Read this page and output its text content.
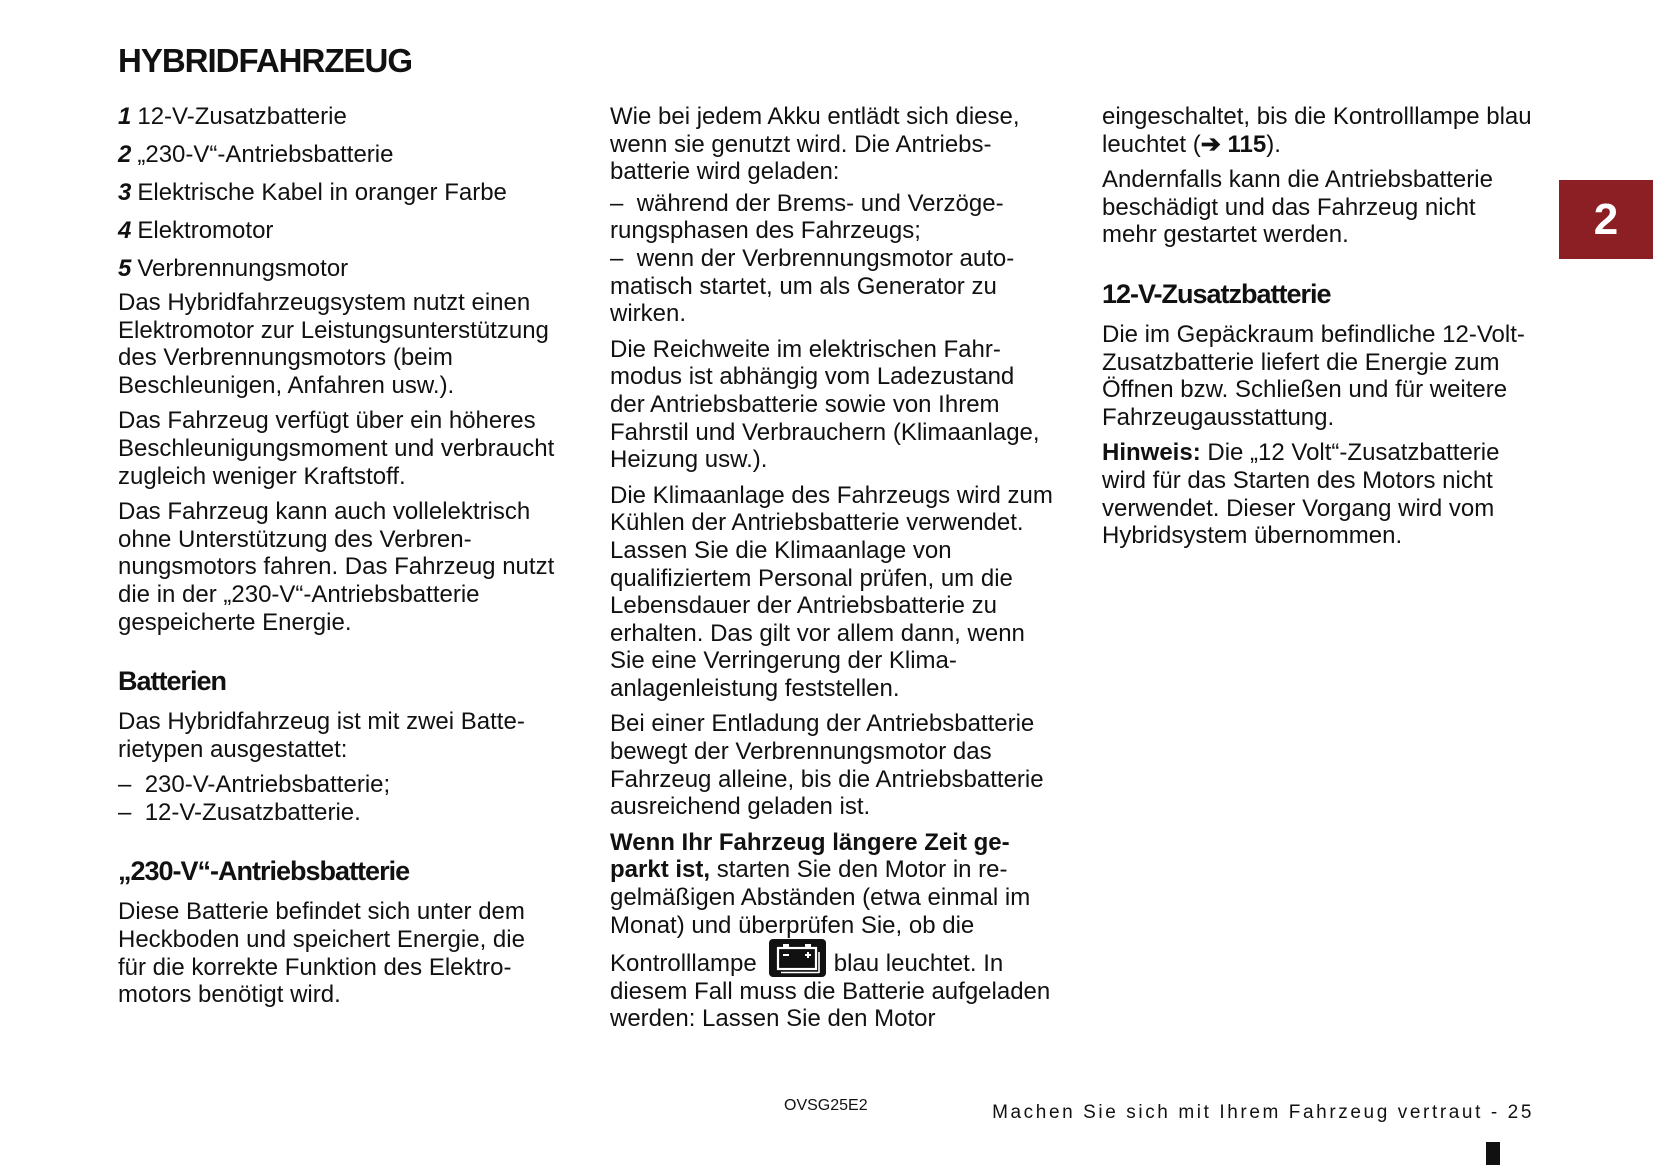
HYBRIDFAHRZEUG
1 12-V-Zusatzbatterie
2 „230-V“-Antriebsbatterie
3 Elektrische Kabel in oranger Farbe
4 Elektromotor
5 Verbrennungsmotor

Das Hybridfahrzeugsystem nutzt einen Elektromotor zur Leistungsunterstützung des Verbrennungsmotors (beim Beschleunigen, Anfahren usw.).

Das Fahrzeug verfügt über ein höheres Beschleunigungsmoment und verbraucht zugleich weniger Kraftstoff.

Das Fahrzeug kann auch vollelektrisch ohne Unterstützung des Verbrennungsmotors fahren. Das Fahrzeug nutzt die in der „230-V“-Antriebsbatterie gespeicherte Energie.

Batterien

Das Hybridfahrzeug ist mit zwei Batterietypen ausgestattet:

–  230-V-Antriebsbatterie;
–  12-V-Zusatzbatterie.
„230-V“-Antriebsbatterie

Diese Batterie befindet sich unter dem Heckboden und speichert Energie, die für die korrekte Funktion des Elektromotors benötigt wird.

Wie bei jedem Akku entlädt sich diese, wenn sie genutzt wird. Die Antriebsbatterie wird geladen:

–  während der Brems- und Verzögerungsphasen des Fahrzeugs;
–  wenn der Verbrennungsmotor automatisch startet, um als Generator zu wirken.

Die Reichweite im elektrischen Fahrmodus ist abhängig vom Ladezustand der Antriebsbatterie sowie von Ihrem Fahrstil und Verbrauchern (Klimaanlage, Heizung usw.).

Die Klimaanlage des Fahrzeugs wird zum Kühlen der Antriebsbatterie verwendet. Lassen Sie die Klimaanlage von qualifiziertem Personal prüfen, um die Lebensdauer der Antriebsbatterie zu erhalten. Das gilt vor allem dann, wenn Sie eine Verringerung der Klimaanlagenleistung feststellen.

Bei einer Entladung der Antriebsbatterie bewegt der Verbrennungsmotor das Fahrzeug alleine, bis die Antriebsbatterie ausreichend geladen ist.

Wenn Ihr Fahrzeug längere Zeit geparkt ist, starten Sie den Motor in regelmäßigen Abständen (etwa einmal im Monat) und überprüfen Sie, ob die

Kontrolllampe	blau leuchtet. In diesem Fall muss die Batterie aufgeladen werden: Lassen Sie den Motor

eingeschaltet, bis die Kontrolllampe blau leuchtet (➔ 115).

Andernfalls kann die Antriebsbatterie beschädigt und das Fahrzeug nicht mehr gestartet werden.

12-V-Zusatzbatterie

Die im Gepäckraum befindliche 12-Volt-Zusatzbatterie liefert die Energie zum Öffnen bzw. Schließen und für weitere Fahrzeugausstattung.

Hinweis: Die „12 Volt“-Zusatzbatterie wird für das Starten des Motors nicht verwendet. Dieser Vorgang wird vom Hybridsystem übernommen.

2
OVSG25E2	Machen Sie sich mit Ihrem Fahrzeug vertraut - 25
